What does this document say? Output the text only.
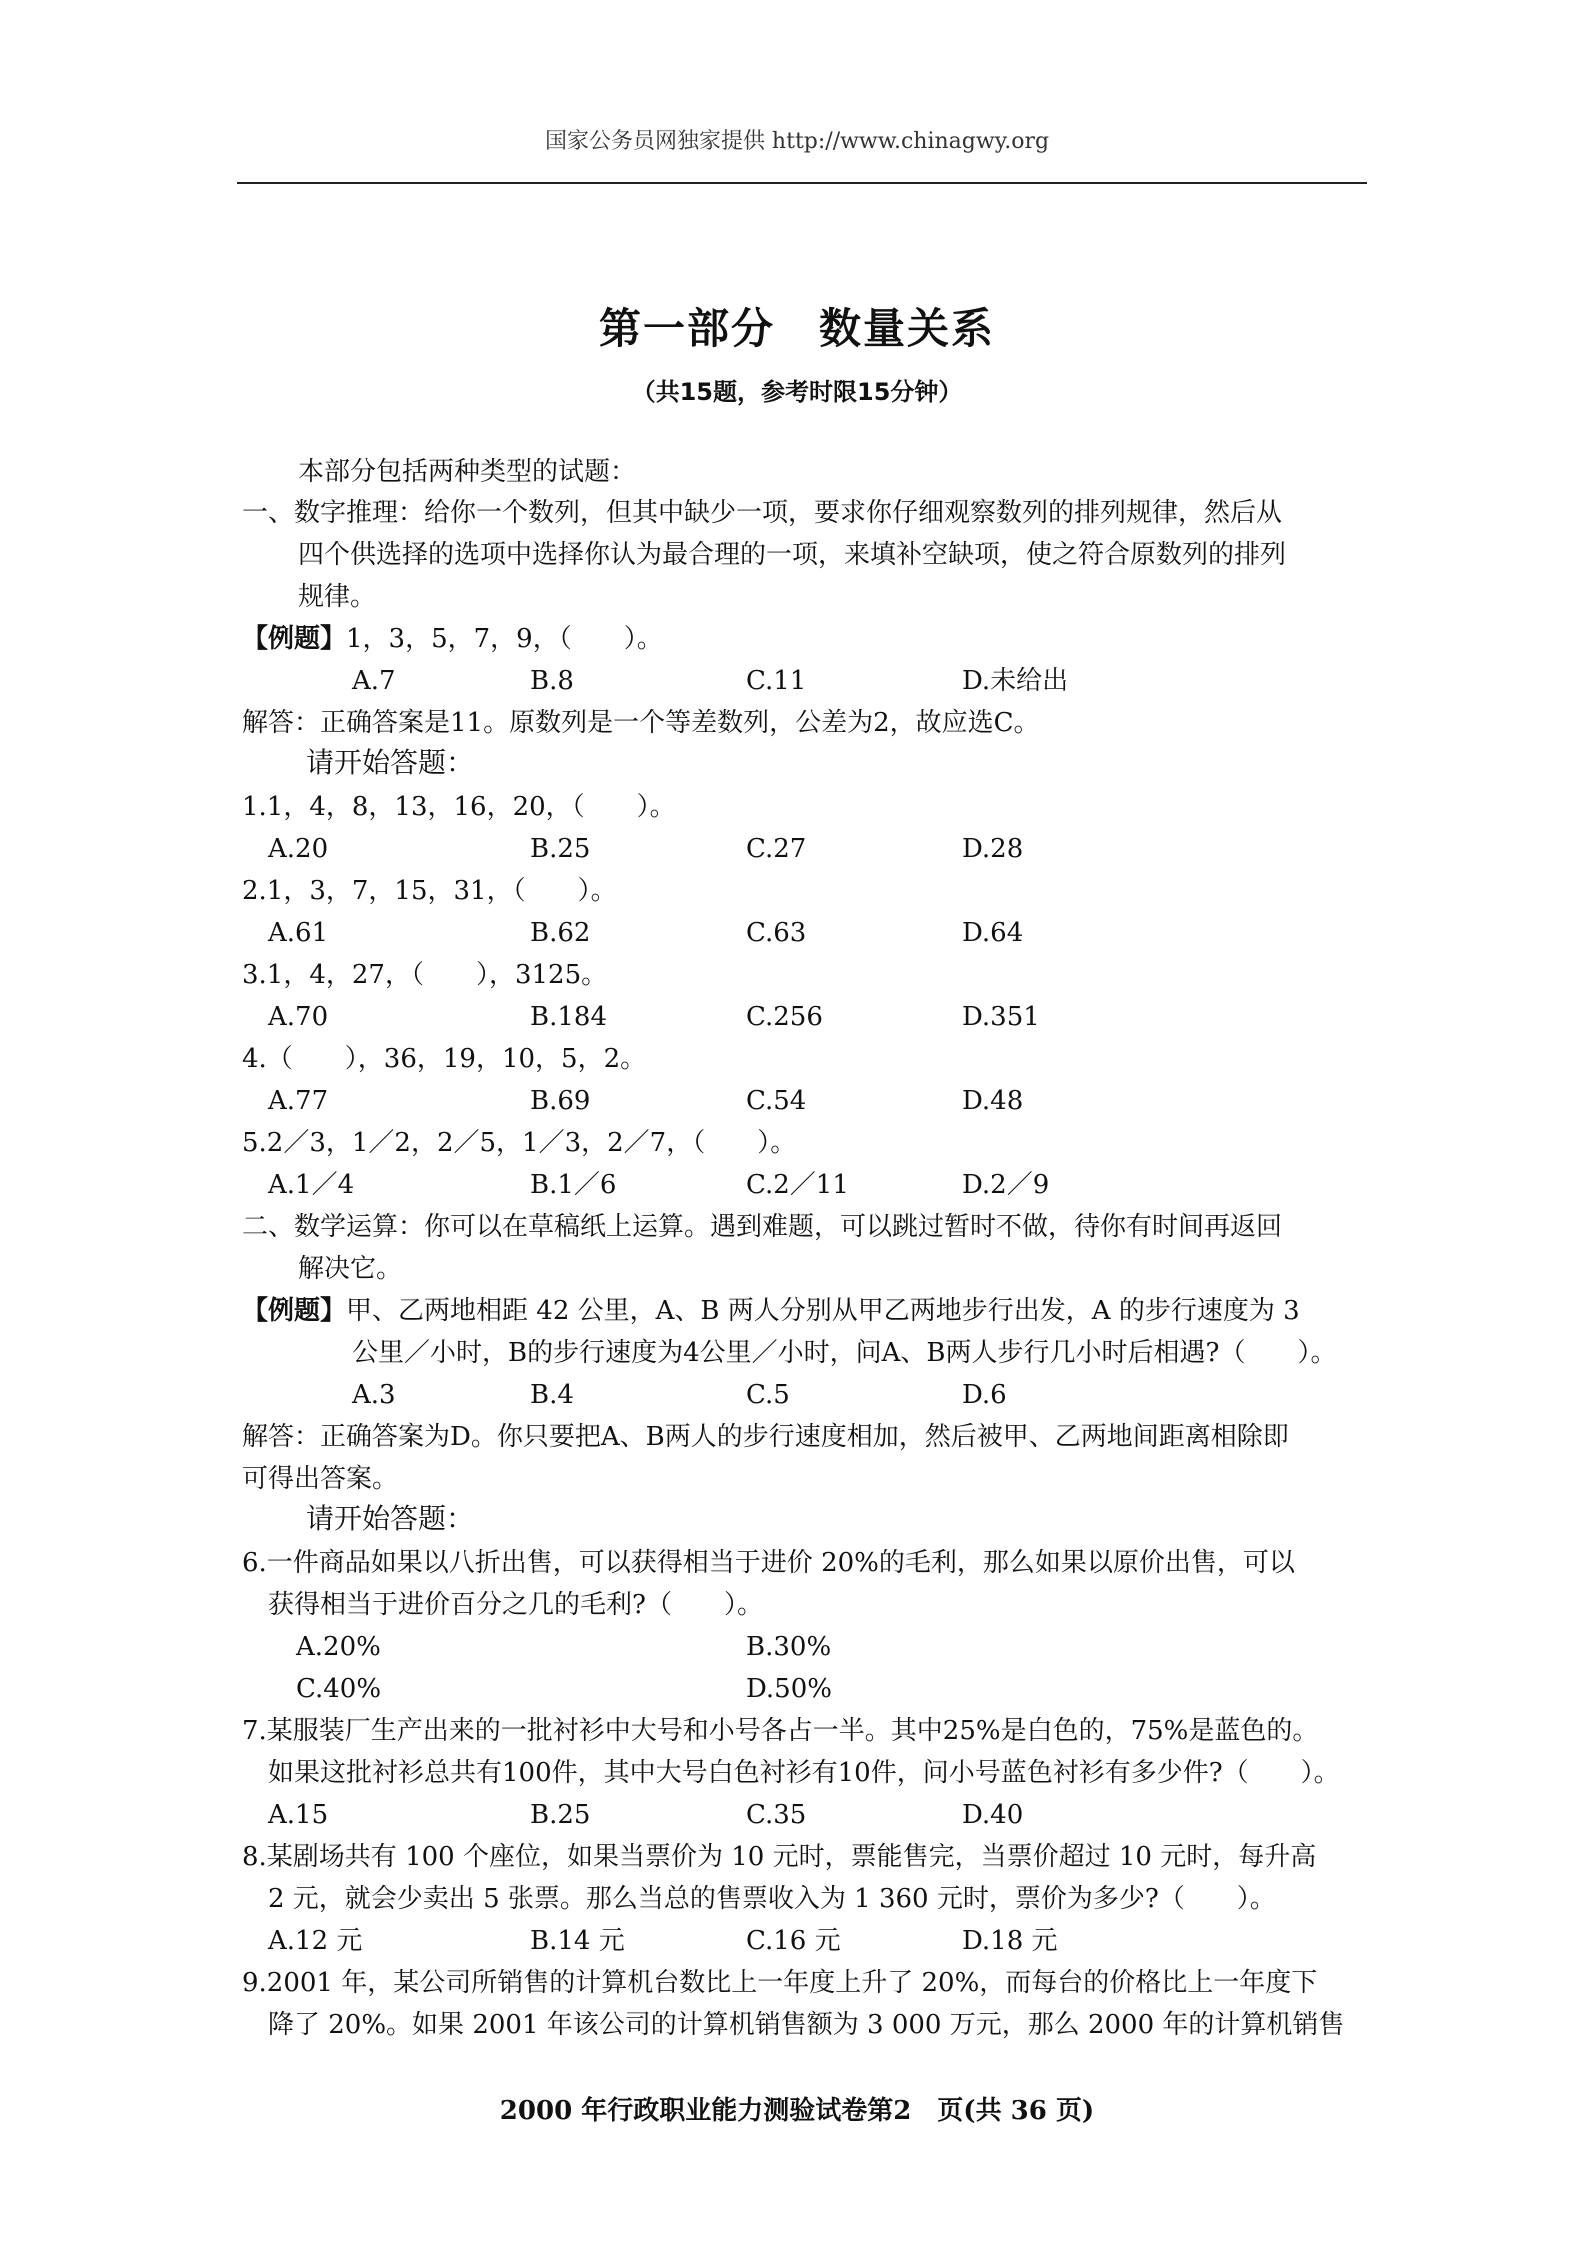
国家公务员网独家提供 http://www.chinagwy.org
第一部分　数量关系
（共15题，参考时限15分钟）
本部分包括两种类型的试题：
一、数字推理：给你一个数列，但其中缺少一项，要求你仔细观察数列的排列规律，然后从
四个供选择的选项中选择你认为最合理的一项，来填补空缺项，使之符合原数列的排列
规律。
【例题】1，3，5，7，9，（　　）。
A.7	B.8	C.11	D.未给出
解答：正确答案是11。原数列是一个等差数列，公差为2，故应选C。
请开始答题：
1.1，4，8，13，16，20，（　　）。
A.20	B.25	C.27	D.28
2.1，3，7，15，31，（　　）。
A.61	B.62	C.63	D.64
3.1，4，27，（　　），3125。
A.70	B.184	C.256	D.351
4.（　　），36，19，10，5，2。
A.77	B.69	C.54	D.48
5.2／3，1／2，2／5，1／3，2／7，（　　）。
A.1／4	B.1／6	C.2／11	D.2／9
二、数学运算：你可以在草稿纸上运算。遇到难题，可以跳过暂时不做，待你有时间再返回
解决它。
【例题】甲、乙两地相距 42 公里，A、B 两人分别从甲乙两地步行出发，A 的步行速度为 3
公里／小时，B的步行速度为4公里／小时，问A、B两人步行几小时后相遇?（　　）。
A.3	B.4	C.5	D.6
解答：正确答案为D。你只要把A、B两人的步行速度相加，然后被甲、乙两地间距离相除即
可得出答案。
请开始答题：
6.一件商品如果以八折出售，可以获得相当于进价 20%的毛利，那么如果以原价出售，可以
获得相当于进价百分之几的毛利?（　　）。
A.20%	B.30%
C.40%	D.50%
7.某服装厂生产出来的一批衬衫中大号和小号各占一半。其中25%是白色的，75%是蓝色的。
如果这批衬衫总共有100件，其中大号白色衬衫有10件，问小号蓝色衬衫有多少件?（　　）。
A.15	B.25	C.35	D.40
8.某剧场共有 100 个座位，如果当票价为 10 元时，票能售完，当票价超过 10 元时，每升高
2 元，就会少卖出 5 张票。那么当总的售票收入为 1 360 元时，票价为多少?（　　）。
A.12 元	B.14 元	C.16 元	D.18 元
9.2001 年，某公司所销售的计算机台数比上一年度上升了 20%，而每台的价格比上一年度下
降了 20%。如果 2001 年该公司的计算机销售额为 3 000 万元，那么 2000 年的计算机销售
2000 年行政职业能力测验试卷第2　页(共 36 页)
